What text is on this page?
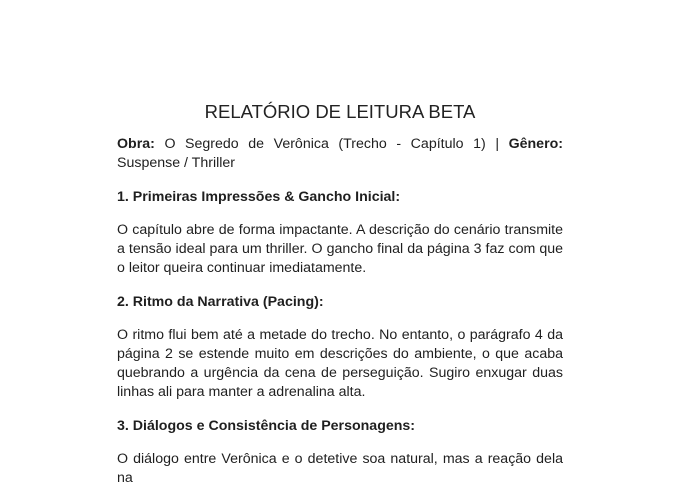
RELATÓRIO DE LEITURA BETA

Obra: O Segredo de Verônica (Trecho - Capítulo 1) | Gênero: Suspense / Thriller

1. Primeiras Impressões & Gancho Inicial:

O capítulo abre de forma impactante. A descrição do cenário transmite a tensão ideal para um thriller. O gancho final da página 3 faz com que o leitor queira continuar imediatamente.

2. Ritmo da Narrativa (Pacing):

O ritmo flui bem até a metade do trecho. No entanto, o parágrafo 4 da página 2 se estende muito em descrições do ambiente, o que acaba quebrando a urgência da cena de perseguição. Sugiro enxugar duas linhas ali para manter a adrenalina alta.

3. Diálogos e Consistência de Personagens:

O diálogo entre Verônica e o detetive soa natural, mas a reação dela na
